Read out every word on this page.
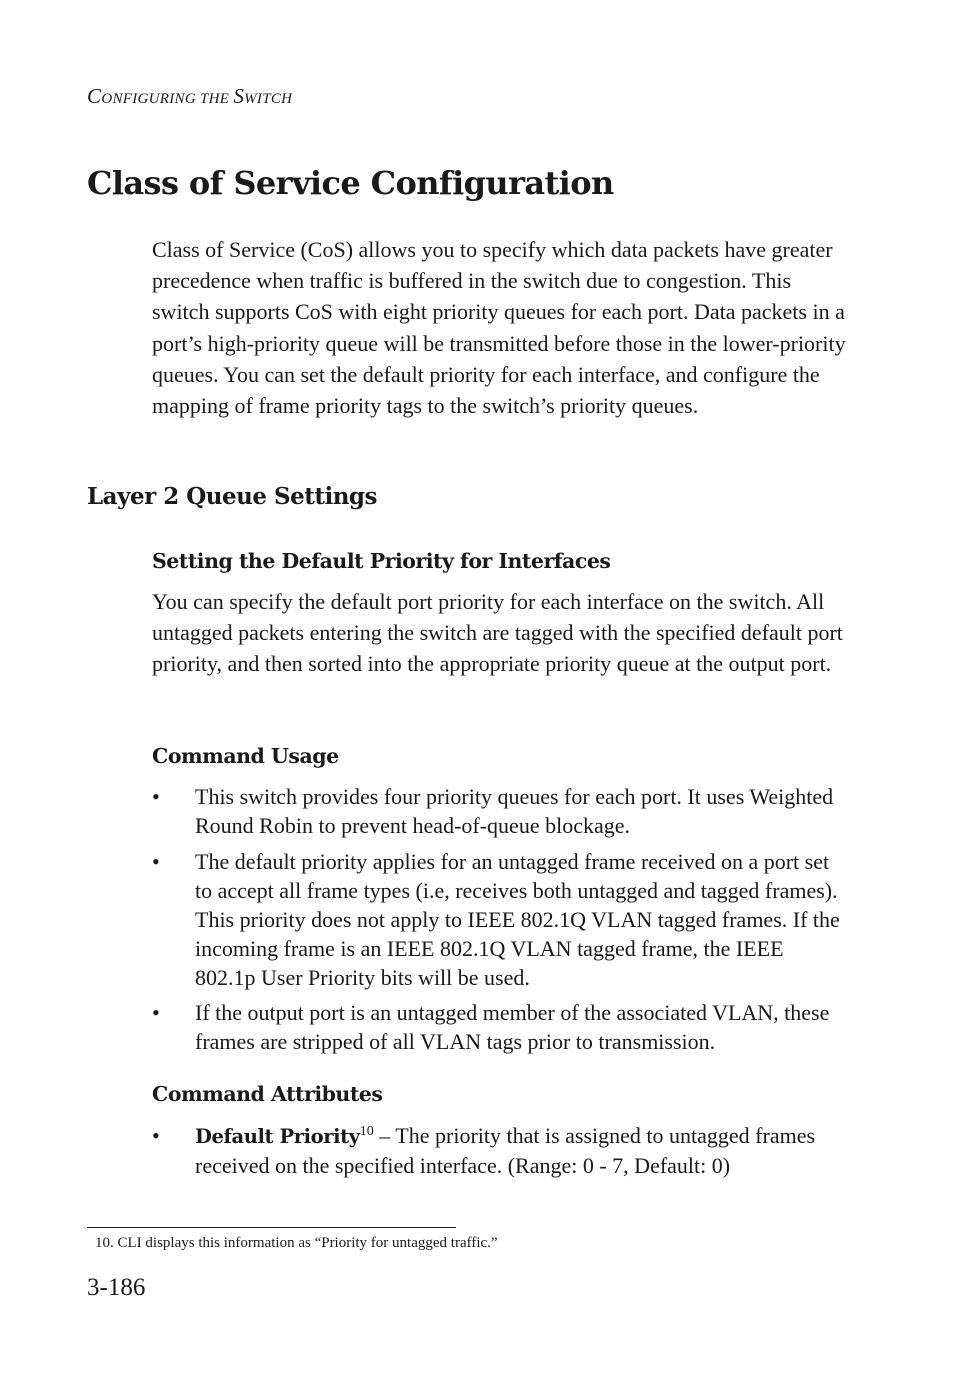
CONFIGURING THE SWITCH

Class of Service Configuration

Class of Service (CoS) allows you to specify which data packets have greater precedence when traffic is buffered in the switch due to congestion. This switch supports CoS with eight priority queues for each port. Data packets in a port’s high-priority queue will be transmitted before those in the lower-priority queues. You can set the default priority for each interface, and configure the mapping of frame priority tags to the switch’s priority queues.

Layer 2 Queue Settings
Setting the Default Priority for Interfaces

You can specify the default port priority for each interface on the switch. All untagged packets entering the switch are tagged with the specified default port priority, and then sorted into the appropriate priority queue at the output port.

Command Usage
• This switch provides four priority queues for each port. It uses Weighted Round Robin to prevent head-of-queue blockage.
• The default priority applies for an untagged frame received on a port set to accept all frame types (i.e, receives both untagged and tagged frames). This priority does not apply to IEEE 802.1Q VLAN tagged frames. If the incoming frame is an IEEE 802.1Q VLAN tagged frame, the IEEE 802.1p User Priority bits will be used.
• If the output port is an untagged member of the associated VLAN, these frames are stripped of all VLAN tags prior to transmission.
Command Attributes
• Default Priority$^{10}$ – The priority that is assigned to untagged frames received on the specified interface. (Range: 0 - 7, Default: 0)

10. CLI displays this information as “Priority for untagged traffic.”

3-186
